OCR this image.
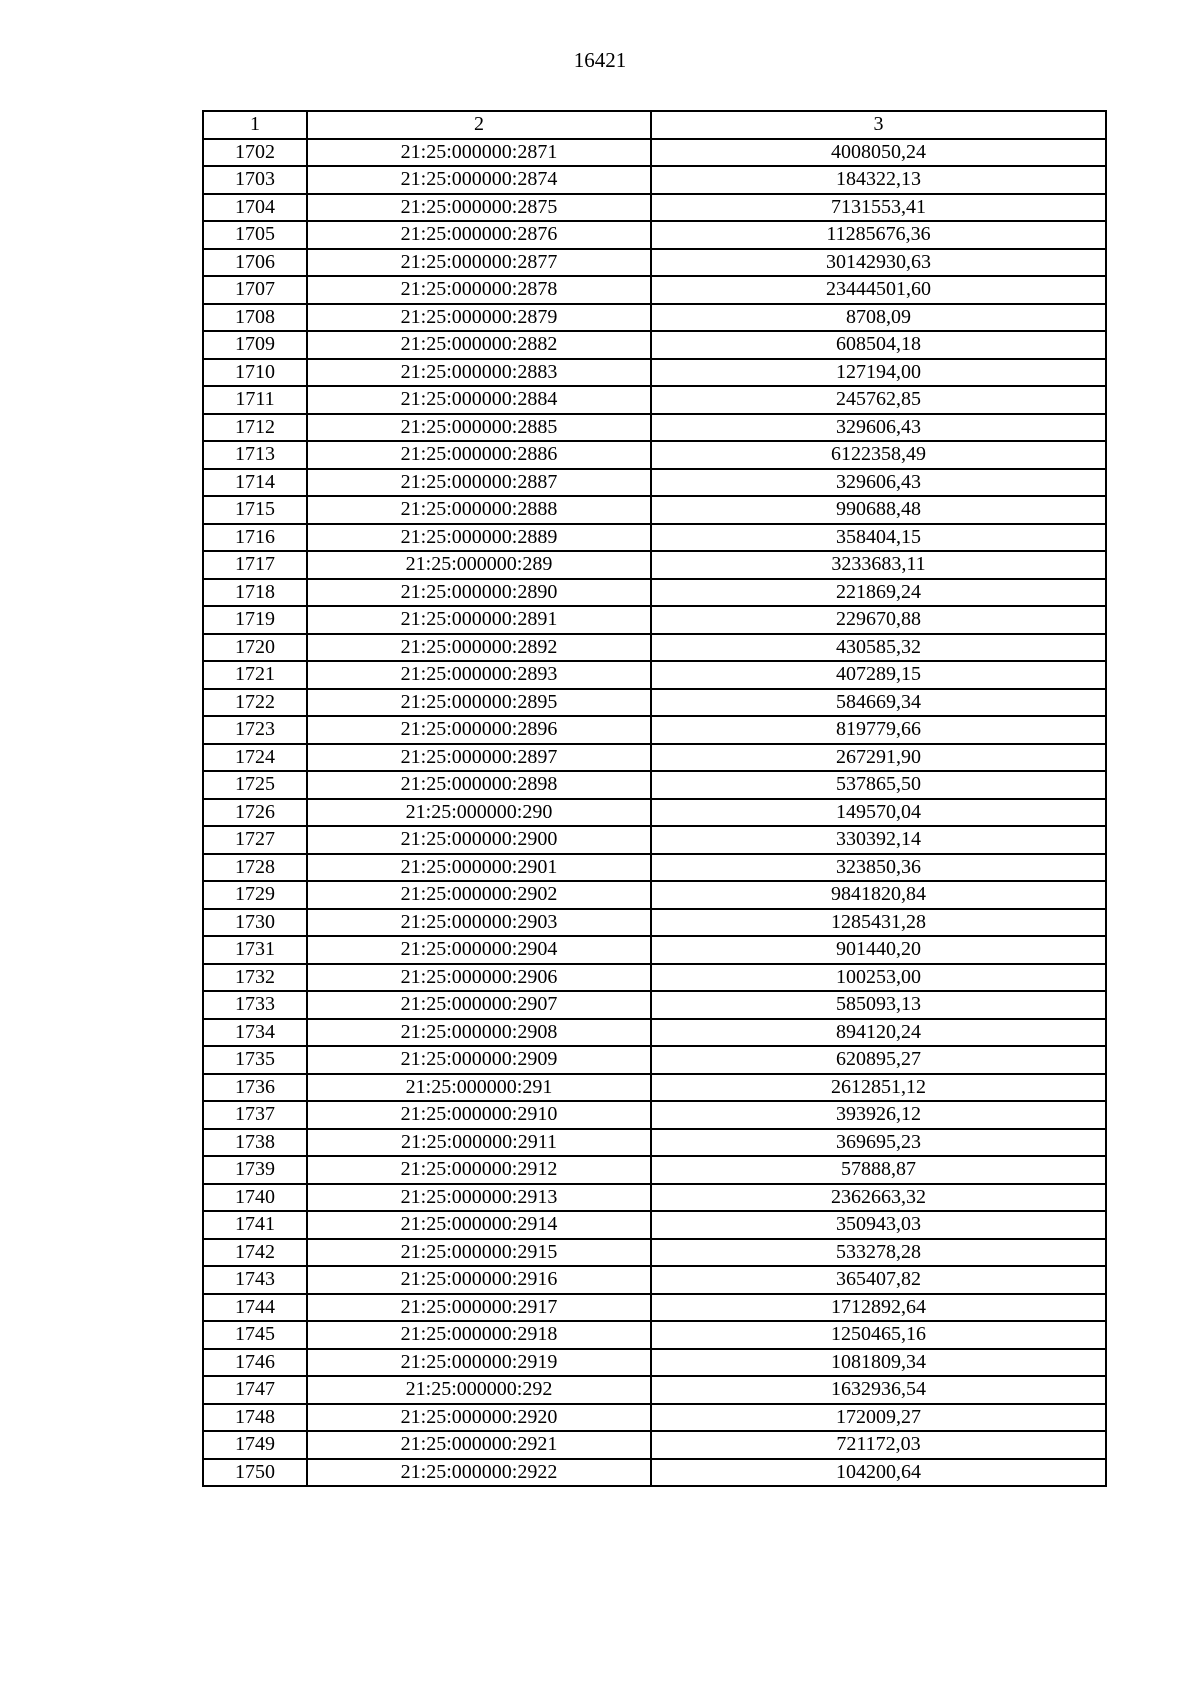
16421
1	2	3
1702	21:25:000000:2871	4008050,24
1703	21:25:000000:2874	184322,13
1704	21:25:000000:2875	7131553,41
1705	21:25:000000:2876	11285676,36
1706	21:25:000000:2877	30142930,63
1707	21:25:000000:2878	23444501,60
1708	21:25:000000:2879	8708,09
1709	21:25:000000:2882	608504,18
1710	21:25:000000:2883	127194,00
1711	21:25:000000:2884	245762,85
1712	21:25:000000:2885	329606,43
1713	21:25:000000:2886	6122358,49
1714	21:25:000000:2887	329606,43
1715	21:25:000000:2888	990688,48
1716	21:25:000000:2889	358404,15
1717	21:25:000000:289	3233683,11
1718	21:25:000000:2890	221869,24
1719	21:25:000000:2891	229670,88
1720	21:25:000000:2892	430585,32
1721	21:25:000000:2893	407289,15
1722	21:25:000000:2895	584669,34
1723	21:25:000000:2896	819779,66
1724	21:25:000000:2897	267291,90
1725	21:25:000000:2898	537865,50
1726	21:25:000000:290	149570,04
1727	21:25:000000:2900	330392,14
1728	21:25:000000:2901	323850,36
1729	21:25:000000:2902	9841820,84
1730	21:25:000000:2903	1285431,28
1731	21:25:000000:2904	901440,20
1732	21:25:000000:2906	100253,00
1733	21:25:000000:2907	585093,13
1734	21:25:000000:2908	894120,24
1735	21:25:000000:2909	620895,27
1736	21:25:000000:291	2612851,12
1737	21:25:000000:2910	393926,12
1738	21:25:000000:2911	369695,23
1739	21:25:000000:2912	57888,87
1740	21:25:000000:2913	2362663,32
1741	21:25:000000:2914	350943,03
1742	21:25:000000:2915	533278,28
1743	21:25:000000:2916	365407,82
1744	21:25:000000:2917	1712892,64
1745	21:25:000000:2918	1250465,16
1746	21:25:000000:2919	1081809,34
1747	21:25:000000:292	1632936,54
1748	21:25:000000:2920	172009,27
1749	21:25:000000:2921	721172,03
1750	21:25:000000:2922	104200,64
